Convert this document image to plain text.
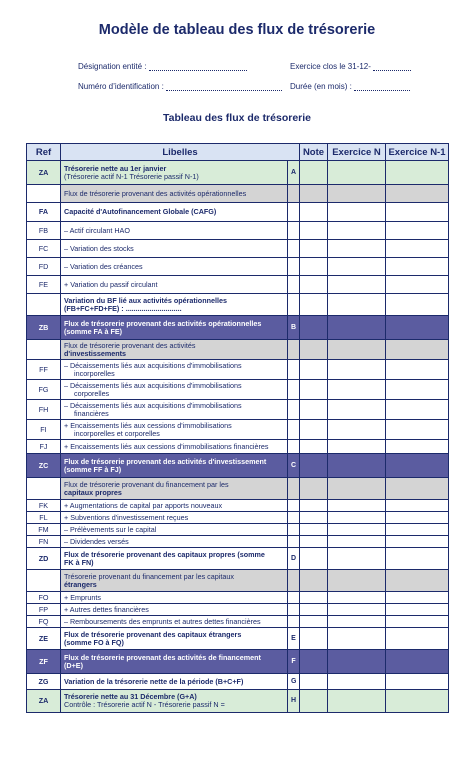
Modèle de tableau des flux de trésorerie
Désignation entité :	Exercice clos le 31-12-
Numéro d’identification :	Durée (en mois) :
Tableau des flux de trésorerie
Ref	Libelles		Note	Exercice N	Exercice N-1
ZA	Trésorerie nette au 1er janvier
(Trésorerie actif N-1 Trésorerie passif N-1)	A			

	Flux de trésorerie provenant des activités opérationnelles				

FA	Capacité d'Autofinancement Globale (CAFG)				

FB	– Actif circulant HAO				

FC	– Variation des stocks				

FD	– Variation des créances				

FE	+ Variation du passif circulant				

	Variation du BF lié aux activités opérationnelles
(FB+FC+FD+FE) : ............................				

ZB	Flux de trésorerie provenant des activités opérationnelles
(somme FA à FE)	B			

	Flux de trésorerie provenant des activités
d'investissements				

FF	– Décaissements liés aux acquisitions d'immobilisations
incorporelles				

FG	– Décaissements liés aux acquisitions d'immobilisations
corporelles				

FH	– Décaissements liés aux acquisitions d'immobilisations
financières				

FI	+ Encaissements liés aux cessions d'immobilisations
incorporelles et corporelles				

FJ	+ Encaissements liés aux cessions d'immobilisations financières				

ZC	Flux de trésorerie provenant des activités d'investissement
(somme FF à FJ)	C			

	Flux de trésorerie provenant du financement par les
capitaux propres				

FK	+ Augmentations de capital par apports nouveaux				

FL	+ Subventions d'investissement reçues				

FM	– Prélèvements sur le capital				

FN	– Dividendes versés				

ZD	Flux de trésorerie provenant des capitaux propres (somme
FK à FN)	D			

	Trésorerie provenant du financement par les capitaux
étrangers				

FO	+ Emprunts				

FP	+ Autres dettes financières				

FQ	– Remboursements des emprunts et autres dettes financières				

ZE	Flux de trésorerie provenant des capitaux étrangers
(somme FO à FQ)	E			
ZF	Flux de trésorerie provenant des activités de financement
(D+E)	F			
ZG	Variation de la trésorerie nette de la période (B+C+F)	G			
ZA	Trésorerie nette au 31 Décembre (G+A)
Contrôle : Trésorerie actif N - Trésorerie passif N =	H			
